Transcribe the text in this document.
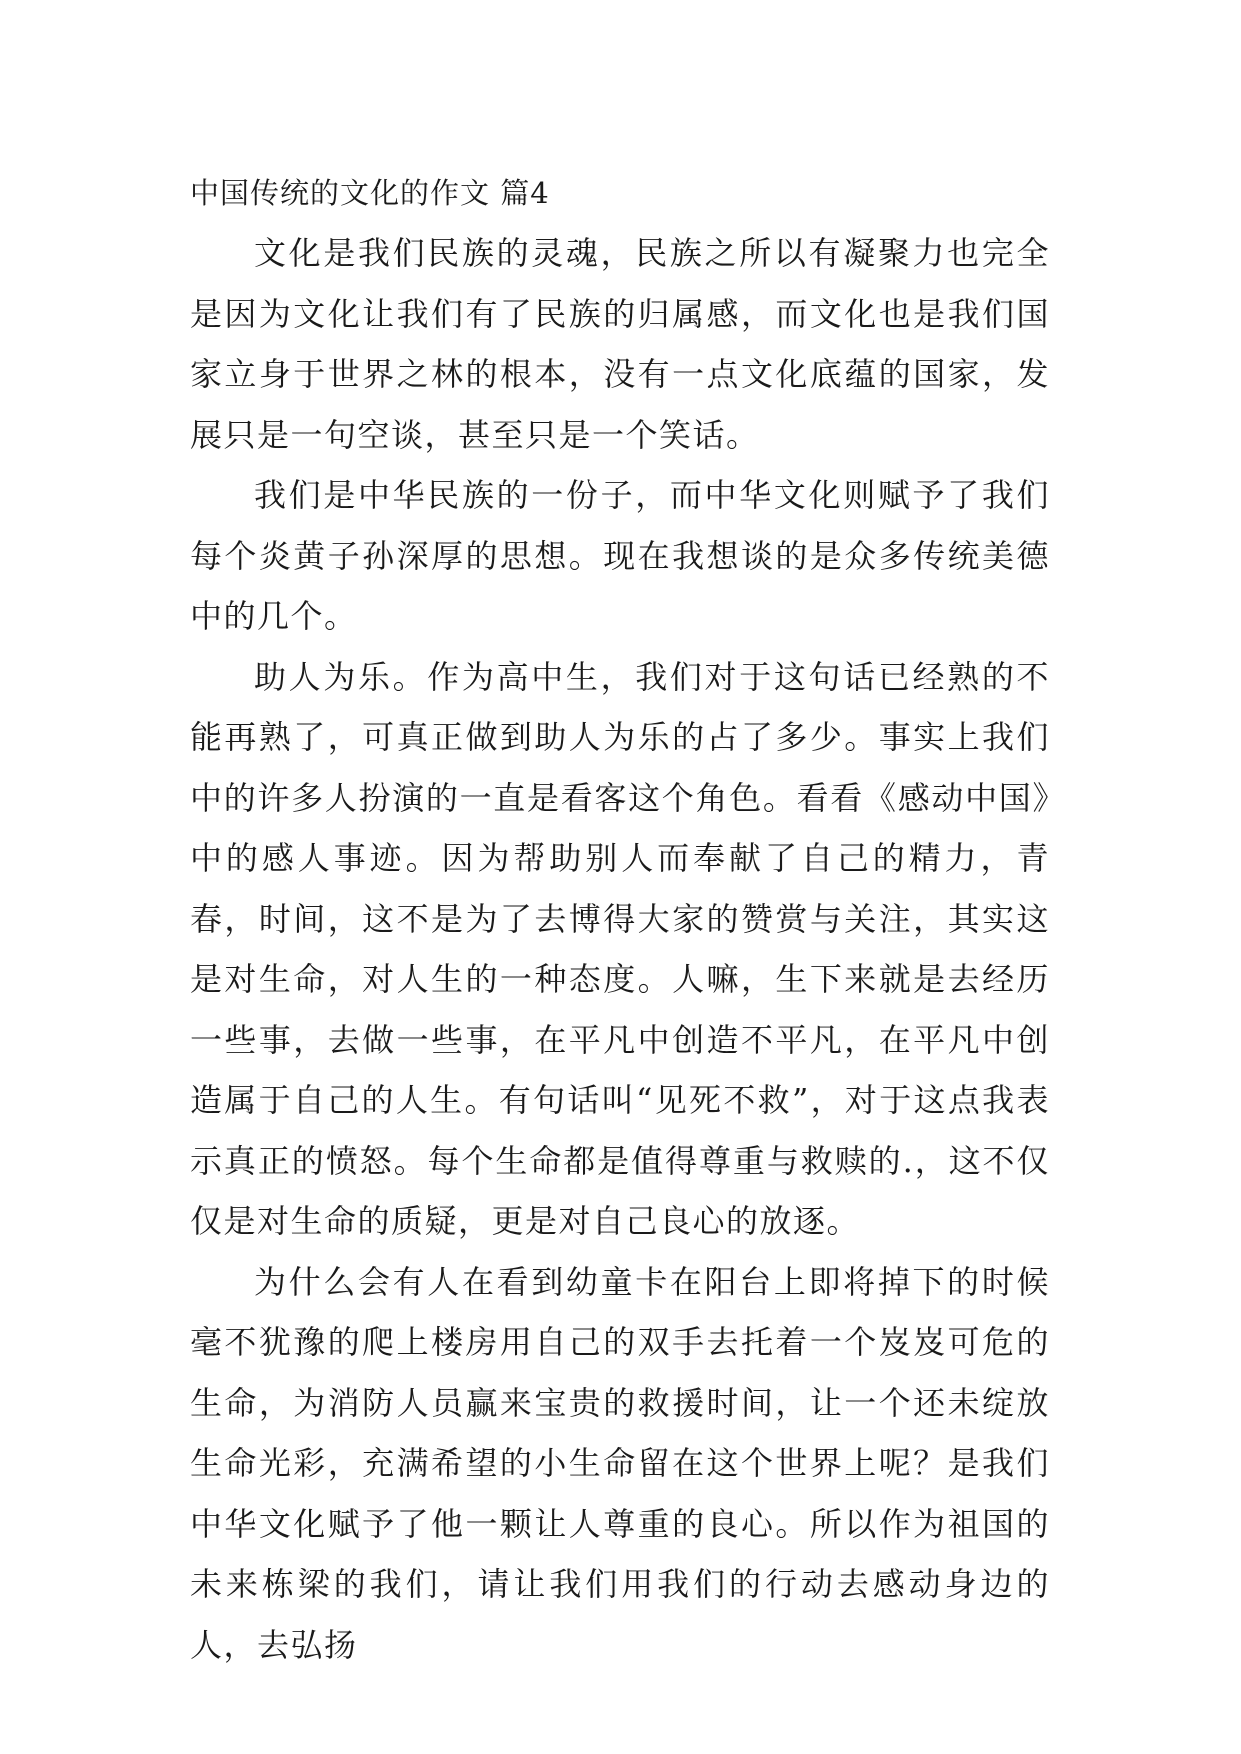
中国传统的文化的作文 篇4

文化是我们民族的灵魂，民族之所以有凝聚力也完全是因为文化让我们有了民族的归属感，而文化也是我们国家立身于世界之林的根本，没有一点文化底蕴的国家，发展只是一句空谈，甚至只是一个笑话。

我们是中华民族的一份子，而中华文化则赋予了我们每个炎黄子孙深厚的思想。现在我想谈的是众多传统美德中的几个。

助人为乐。作为高中生，我们对于这句话已经熟的不能再熟了，可真正做到助人为乐的占了多少。事实上我们中的许多人扮演的一直是看客这个角色。看看《感动中国》中的感人事迹。因为帮助别人而奉献了自己的精力，青春，时间，这不是为了去博得大家的赞赏与关注，其实这是对生命，对人生的一种态度。人嘛，生下来就是去经历一些事，去做一些事，在平凡中创造不平凡，在平凡中创造属于自己的人生。有句话叫“见死不救”，对于这点我表示真正的愤怒。每个生命都是值得尊重与救赎的.，这不仅仅是对生命的质疑，更是对自己良心的放逐。

为什么会有人在看到幼童卡在阳台上即将掉下的时候毫不犹豫的爬上楼房用自己的双手去托着一个岌岌可危的生命，为消防人员赢来宝贵的救援时间，让一个还未绽放生命光彩，充满希望的小生命留在这个世界上呢？是我们中华文化赋予了他一颗让人尊重的良心。所以作为祖国的未来栋梁的我们，请让我们用我们的行动去感动身边的人，去弘扬
